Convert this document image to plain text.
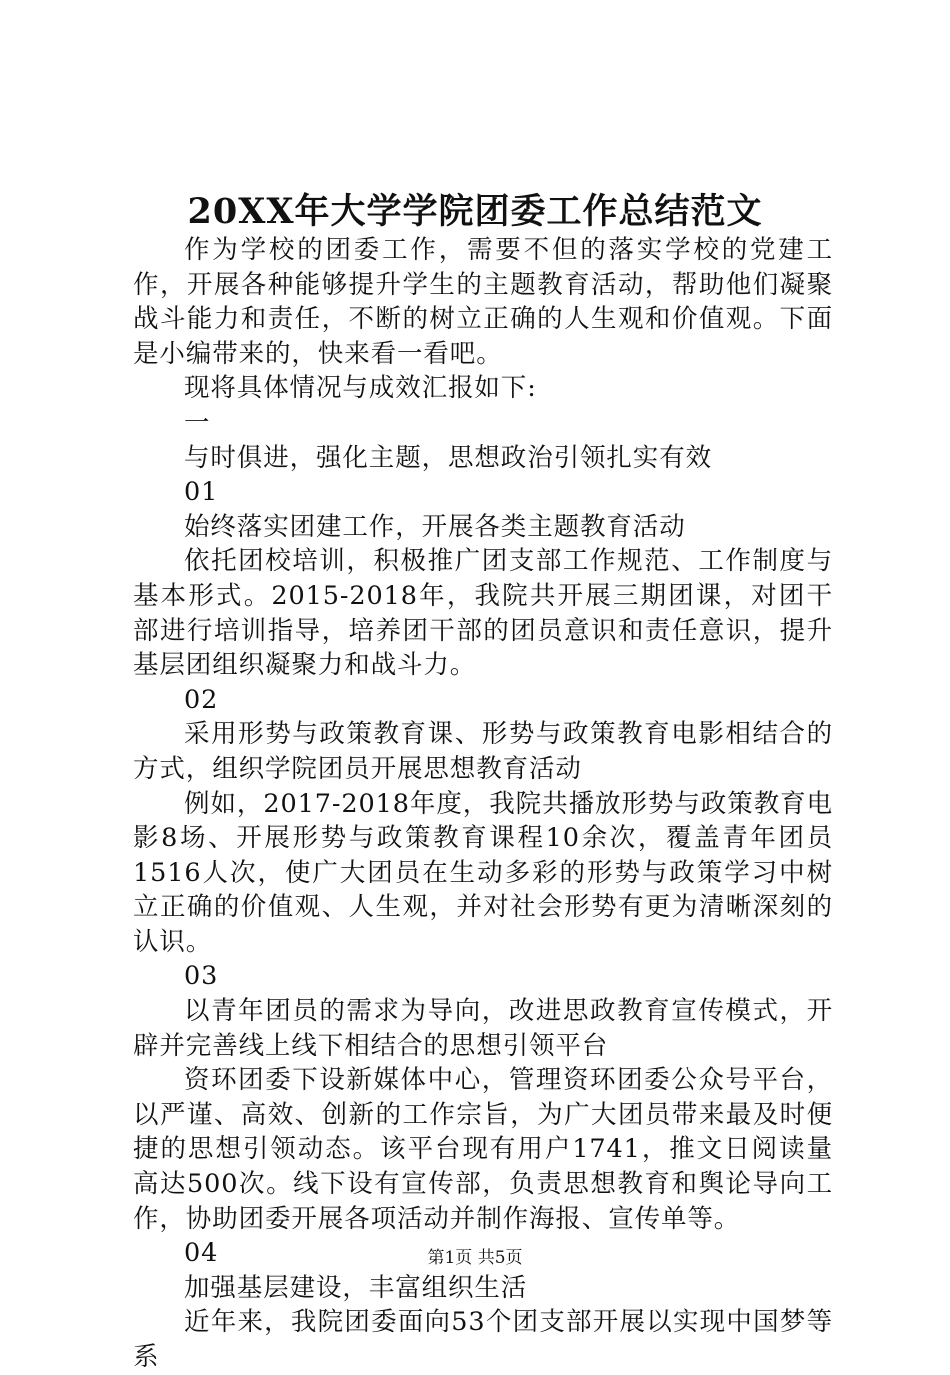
20XX年大学学院团委工作总结范文

作为学校的团委工作，需要不但的落实学校的党建工作，开展各种能够提升学生的主题教育活动，帮助他们凝聚战斗能力和责任，不断的树立正确的人生观和价值观。下面是小编带来的，快来看一看吧。

现将具体情况与成效汇报如下:

一

与时俱进，强化主题，思想政治引领扎实有效

01

始终落实团建工作，开展各类主题教育活动

依托团校培训，积极推广团支部工作规范、工作制度与基本形式。2015-2018年，我院共开展三期团课，对团干部进行培训指导，培养团干部的团员意识和责任意识，提升基层团组织凝聚力和战斗力。

02

采用形势与政策教育课、形势与政策教育电影相结合的方式，组织学院团员开展思想教育活动

例如，2017-2018年度，我院共播放形势与政策教育电影8场、开展形势与政策教育课程10余次，覆盖青年团员1516人次，使广大团员在生动多彩的形势与政策学习中树立正确的价值观、人生观，并对社会形势有更为清晰深刻的认识。

03

以青年团员的需求为导向，改进思政教育宣传模式，开辟并完善线上线下相结合的思想引领平台

资环团委下设新媒体中心，管理资环团委公众号平台，以严谨、高效、创新的工作宗旨，为广大团员带来最及时便捷的思想引领动态。该平台现有用户1741，推文日阅读量高达500次。线下设有宣传部，负责思想教育和舆论导向工作，协助团委开展各项活动并制作海报、宣传单等。

04

加强基层建设，丰富组织生活

近年来，我院团委面向53个团支部开展以实现中国梦等系

第1页 共5页
